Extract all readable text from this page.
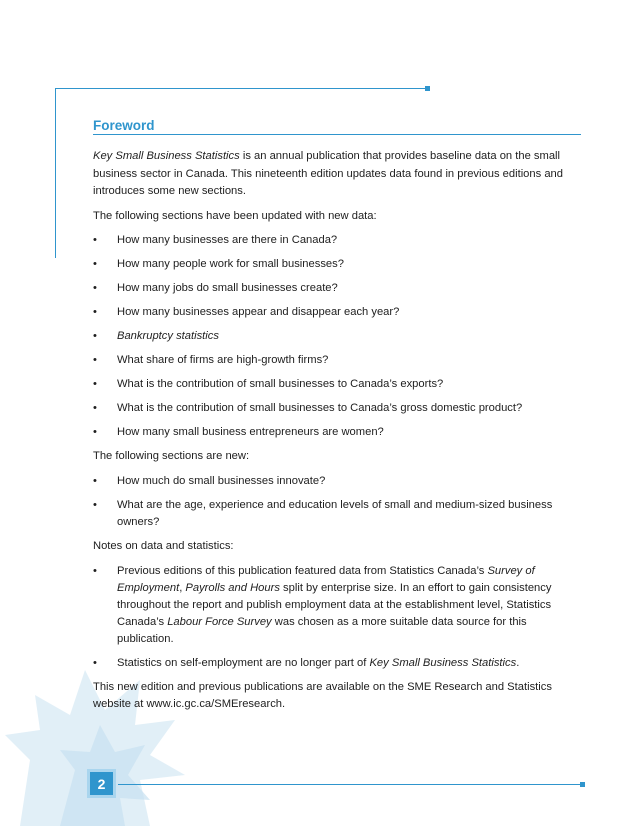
Foreword

Key Small Business Statistics is an annual publication that provides baseline data on the small business sector in Canada. This nineteenth edition updates data found in previous editions and introduces some new sections.

The following sections have been updated with new data:

• How many businesses are there in Canada?
• How many people work for small businesses?
• How many jobs do small businesses create?
• How many businesses appear and disappear each year?
• Bankruptcy statistics
• What share of firms are high-growth firms?
• What is the contribution of small businesses to Canada’s exports?
• What is the contribution of small businesses to Canada’s gross domestic product?
• How many small business entrepreneurs are women?

The following sections are new:

• How much do small businesses innovate?
• What are the age, experience and education levels of small and medium-sized business owners?

Notes on data and statistics:

• Previous editions of this publication featured data from Statistics Canada’s Survey of Employment, Payrolls and Hours split by enterprise size. In an effort to gain consistency throughout the report and publish employment data at the establishment level, Statistics Canada’s Labour Force Survey was chosen as a more suitable data source for this publication.
• Statistics on self-employment are no longer part of Key Small Business Statistics.

This new edition and previous publications are available on the SME Research and Statistics website at www.ic.gc.ca/SMEresearch.

2
